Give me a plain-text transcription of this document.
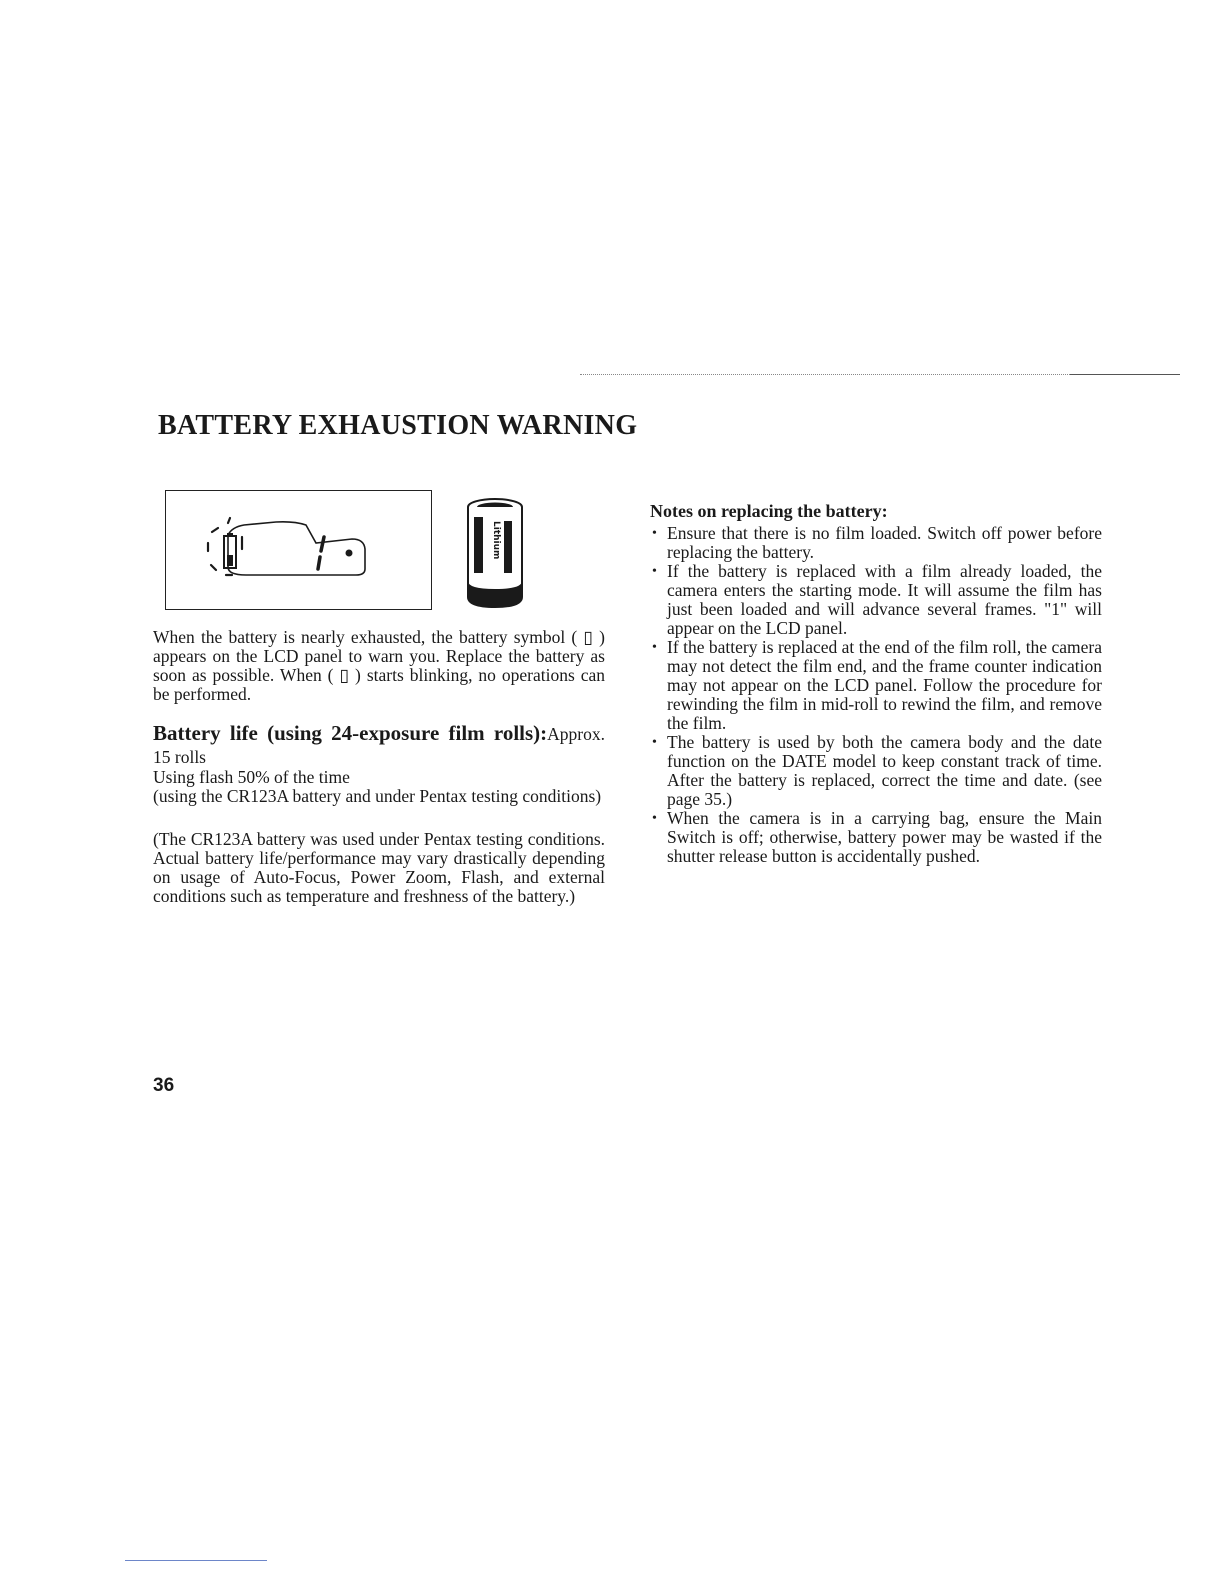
BATTERY EXHAUSTION WARNING
Lithium

When the battery is nearly exhausted, the battery symbol ( ▯ ) appears on the LCD panel to warn you. Replace the battery as soon as possible. When ( ▯ ) starts blinking, no operations can be performed.

Battery life (using 24-exposure film rolls):Approx. 15 rolls

Using flash 50% of the time

(using the CR123A battery and under Pentax testing conditions)

(The CR123A battery was used under Pentax testing conditions. Actual battery life/performance may vary drastically depending on usage of Auto-Focus, Power Zoom, Flash, and external conditions such as temperature and freshness of the battery.)

Notes on replacing the battery:

• Ensure that there is no film loaded. Switch off power before replacing the battery.
• If the battery is replaced with a film already loaded, the camera enters the starting mode. It will assume the film has just been loaded and will advance several frames. "1" will appear on the LCD panel.
• If the battery is replaced at the end of the film roll, the camera may not detect the film end, and the frame counter indication may not appear on the LCD panel. Follow the procedure for rewinding the film in mid-roll to rewind the film, and remove the film.
• The battery is used by both the camera body and the date function on the DATE model to keep constant track of time. After the battery is replaced, correct the time and date. (see page 35.)
• When the camera is in a carrying bag, ensure the Main Switch is off; otherwise, battery power may be wasted if the shutter release button is accidentally pushed.
36
